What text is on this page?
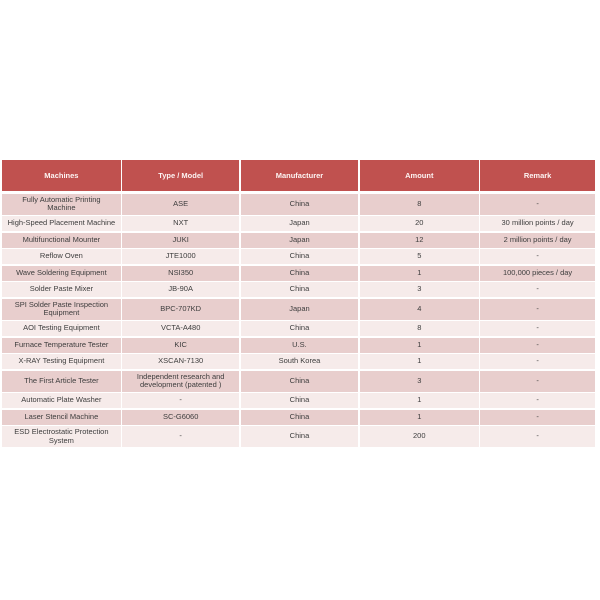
Machines	Type / Model	Manufacturer	Amount	Remark
Fully Automatic Printing Machine	ASE	China	8	-
High-Speed Placement Machine	NXT	Japan	20	30 million points / day
Multifunctional Mounter	JUKI	Japan	12	2 million points / day
Reflow Oven	JTE1000	China	5	-
Wave Soldering Equipment	NSI350	China	1	100,000 pieces / day
Solder Paste Mixer	JB-90A	China	3	-
SPI Solder Paste Inspection Equipment	BPC-707KD	Japan	4	-
AOI Testing Equipment	VCTA-A480	China	8	-
Furnace Temperature Tester	KIC	U.S.	1	-
X-RAY Testing Equipment	XSCAN-7130	South Korea	1	-
The First Article Tester	Independent research and development (patented )	China	3	-
Automatic Plate Washer	-	China	1	-
Laser Stencil Machine	SC-G6060	China	1	-
ESD Electrostatic Protection System	-	China	200	-
